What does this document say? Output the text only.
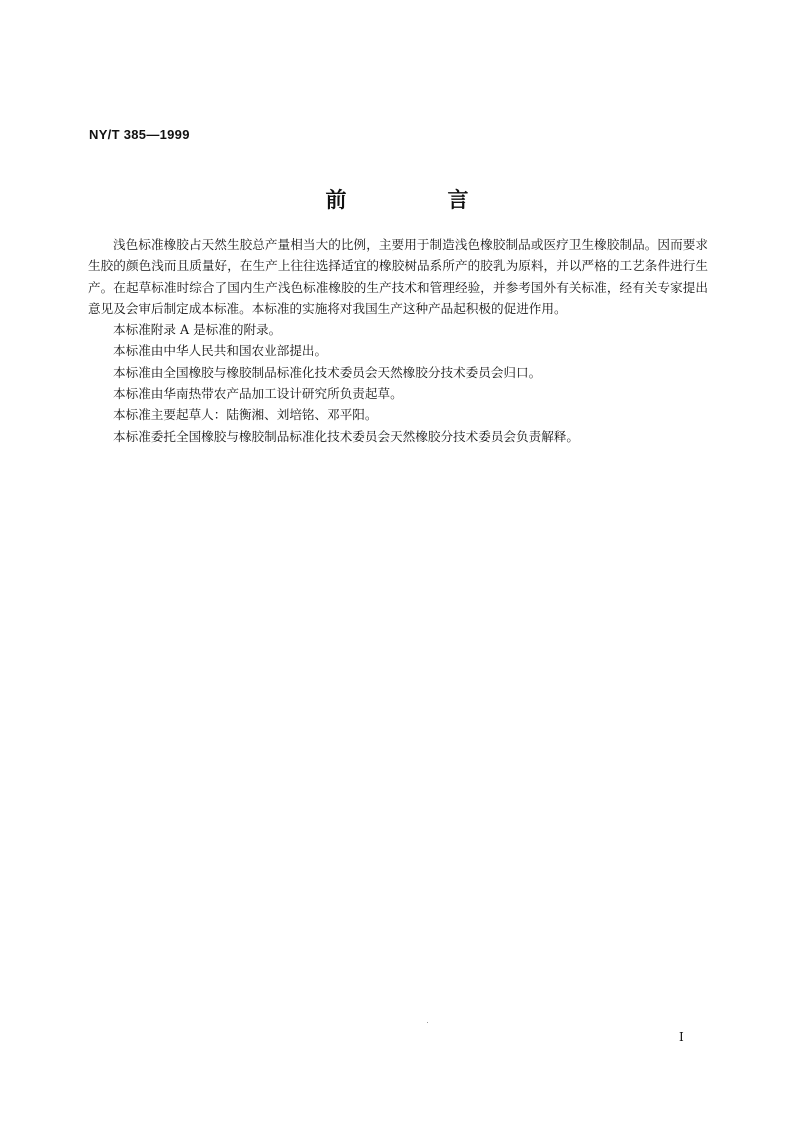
NY/T 385—1999
前　言

浅色标准橡胶占天然生胶总产量相当大的比例，主要用于制造浅色橡胶制品或医疗卫生橡胶制品。因而要求生胶的颜色浅而且质量好，在生产上往往选择适宜的橡胶树品系所产的胶乳为原料，并以严格的工艺条件进行生产。在起草标准时综合了国内生产浅色标准橡胶的生产技术和管理经验，并参考国外有关标准，经有关专家提出意见及会审后制定成本标准。本标准的实施将对我国生产这种产品起积极的促进作用。

本标准附录 A 是标准的附录。

本标准由中华人民共和国农业部提出。

本标准由全国橡胶与橡胶制品标准化技术委员会天然橡胶分技术委员会归口。

本标准由华南热带农产品加工设计研究所负责起草。

本标准主要起草人：陆衡湘、刘培铭、邓平阳。

本标准委托全国橡胶与橡胶制品标准化技术委员会天然橡胶分技术委员会负责解释。

I
